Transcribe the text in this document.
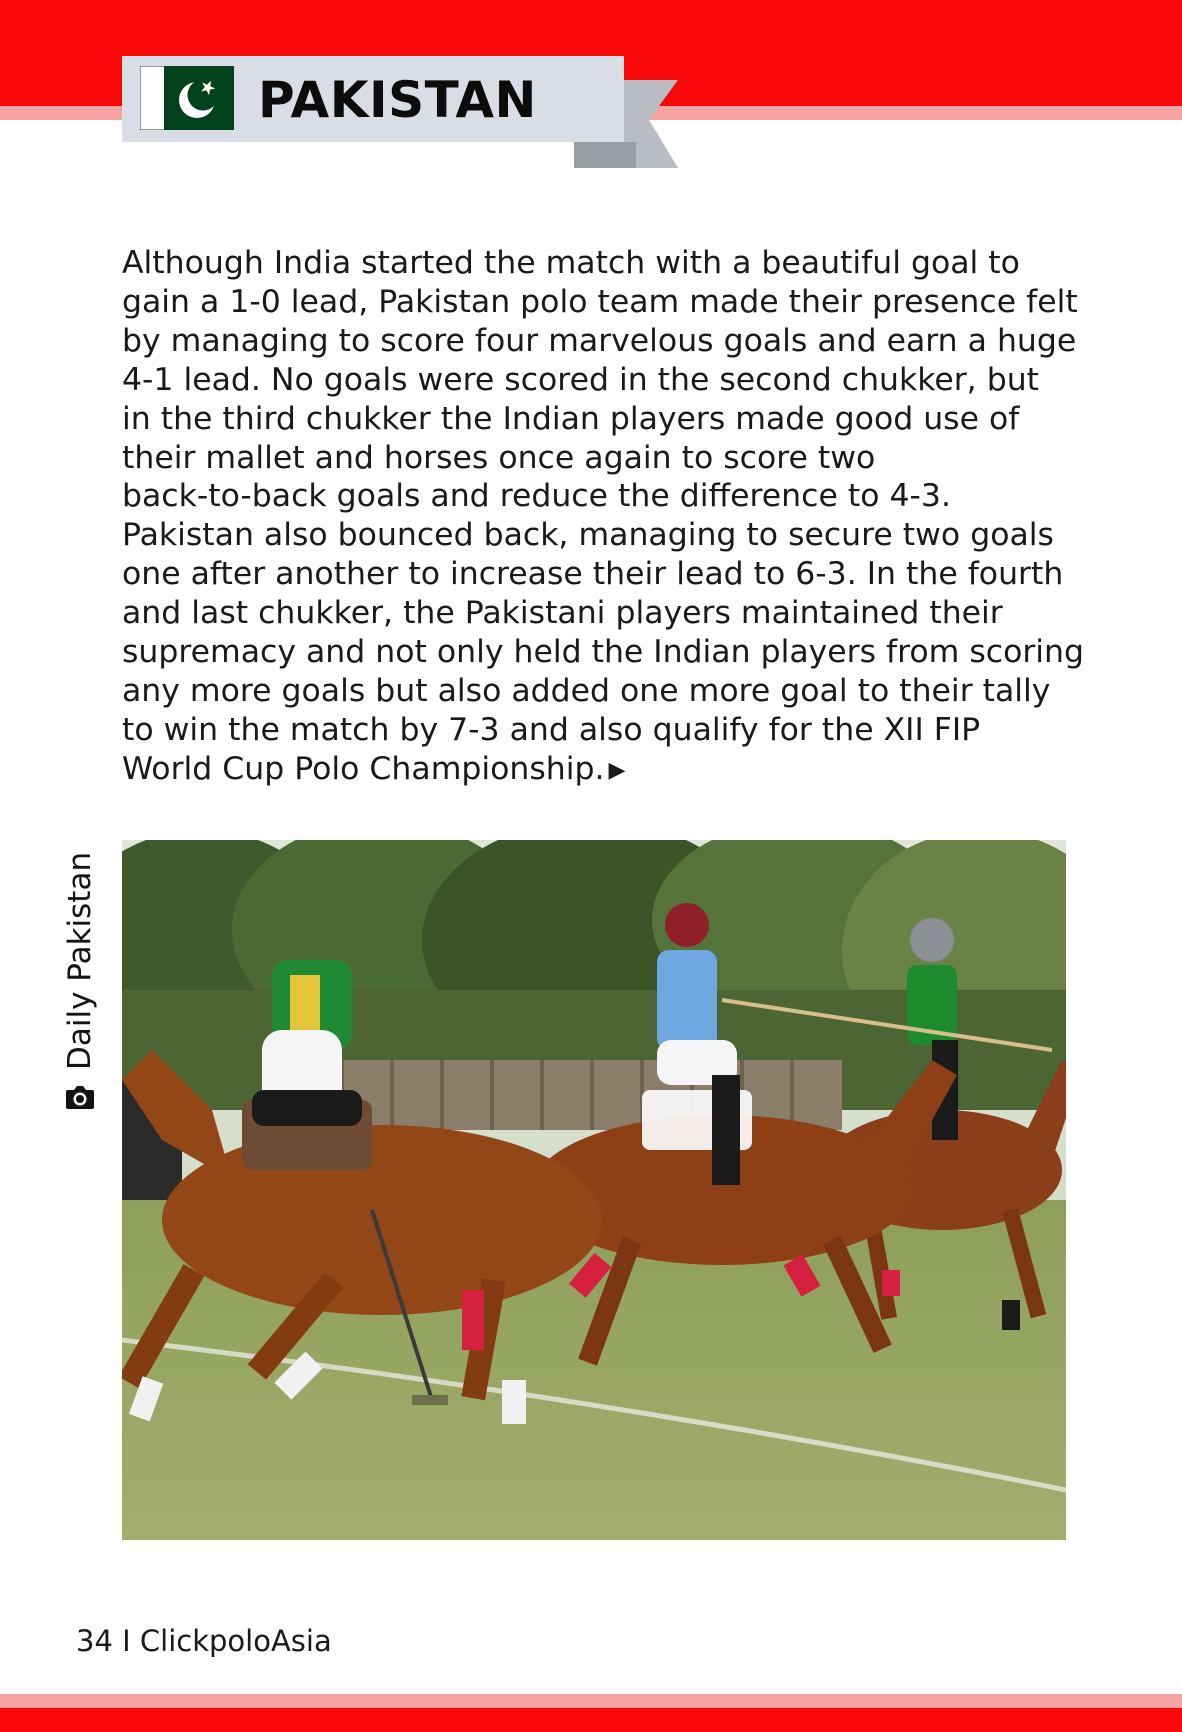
PAKISTAN

Although India started the match with a beautiful goal to
gain a 1-0 lead, Pakistan polo team made their presence felt
by managing to score four marvelous goals and earn a huge
4-1 lead. No goals were scored in the second chukker, but
in the third chukker the Indian players made good use of
their mallet and horses once again to score two
back-to-back goals and reduce the difference to 4-3.
Pakistan also bounced back, managing to secure two goals
one after another to increase their lead to 6-3. In the fourth
and last chukker, the Pakistani players maintained their
supremacy and not only held the Indian players from scoring
any more goals but also added one more goal to their tally
to win the match by 7-3 and also qualify for the XII FIP
World Cup Polo Championship. ▶

Daily Pakistan
34 I ClickpoloAsia
